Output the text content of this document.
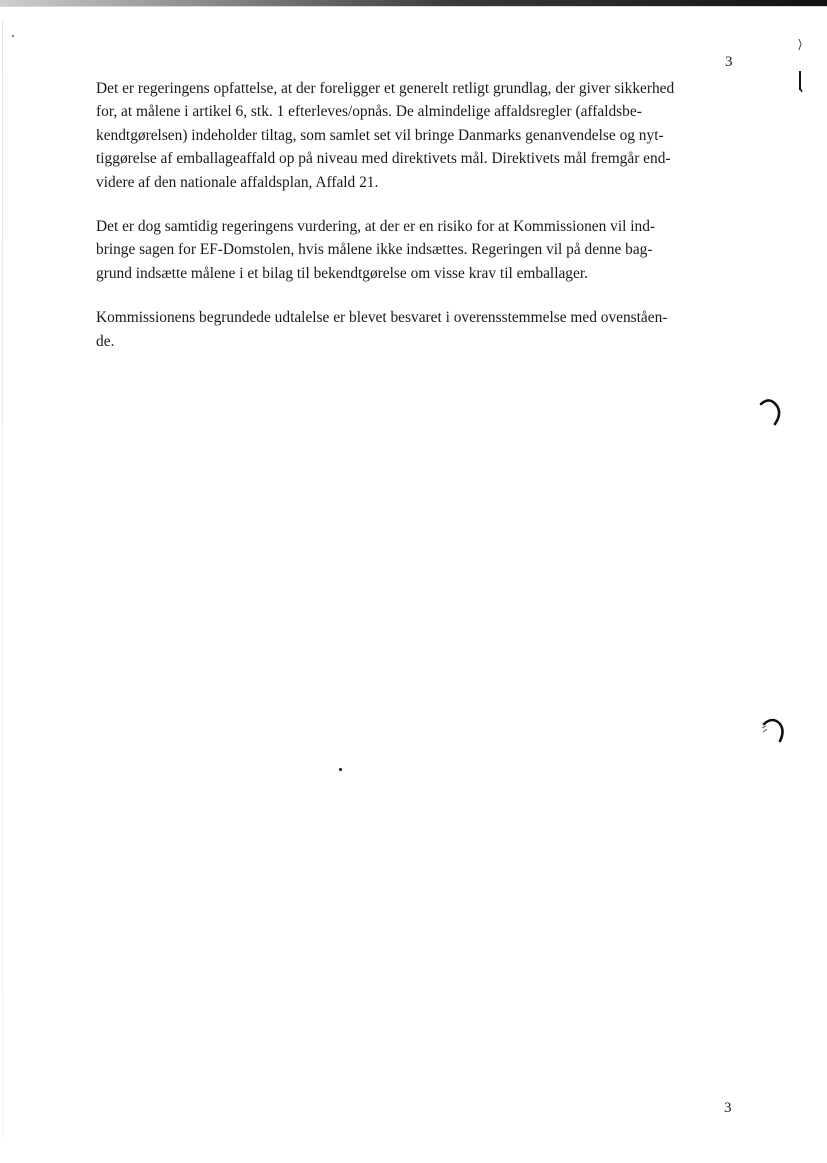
3

Det er regeringens opfattelse, at der foreligger et generelt retligt grundlag, der giver sikkerhed
for, at målene i artikel 6, stk. 1 efterleves/opnås. De almindelige affaldsregler (affaldsbe-
kendtgørelsen) indeholder tiltag, som samlet set vil bringe Danmarks genanvendelse og nyt-
tiggørelse af emballageaffald op på niveau med direktivets mål. Direktivets mål fremgår end-
videre af den nationale affaldsplan, Affald 21.

Det er dog samtidig regeringens vurdering, at der er en risiko for at Kommissionen vil ind-
bringe sagen for EF-Domstolen, hvis målene ikke indsættes. Regeringen vil på denne bag-
grund indsætte målene i et bilag til bekendtgørelse om visse krav til emballager.

Kommissionens begrundede udtalelse er blevet besvaret i overensstemmelse med ovenståen-
de.

3
